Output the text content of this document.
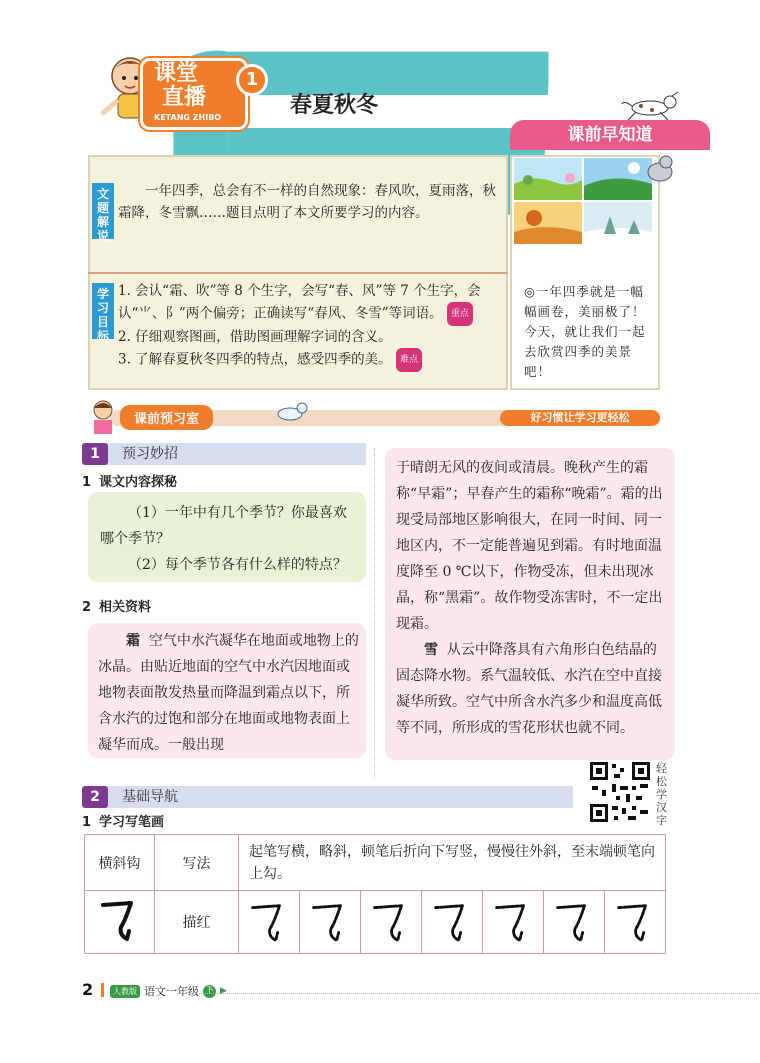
课堂
直播
KETANG ZHIBO
1
春夏秋冬
课前早知道
文题解说
一年四季，总会有不一样的自然现象：春风吹，夏雨落，秋霜降，冬雪飘……题目点明了本文所要学习的内容。
学习目标
1. 会认“霜、吹”等 8 个生字，会写“春、风”等 7 个生字，会认“⺌、阝”两个偏旁；正确读写“春风、冬雪”等词语。 重点
2. 仔细观察图画，借助图画理解字词的含义。
3. 了解春夏秋冬四季的特点，感受四季的美。 难点
◎一年四季就是一幅幅画卷，美丽极了！今天，就让我们一起去欣赏四季的美景吧！
课前预习室	好习惯让学习更轻松
预习妙招
1
1 课文内容探秘
（1）一年中有几个季节？你最喜欢哪个季节？
（2）每个季节各有什么样的特点？
2 相关资料
霜 空气中水汽凝华在地面或地物上的冰晶。由贴近地面的空气中水汽因地面或地物表面散发热量而降温到霜点以下，所含水汽的过饱和部分在地面或地物表面上凝华而成。一般出现
于晴朗无风的夜间或清晨。晚秋产生的霜称“早霜”；早春产生的霜称“晚霜”。霜的出现受局部地区影响很大，在同一时间、同一地区内，不一定能普遍见到霜。有时地面温度降至 0 ℃以下，作物受冻，但未出现冰晶，称“黑霜”。故作物受冻害时，不一定出现霜。
雪 从云中降落具有六角形白色结晶的固态降水物。系气温较低、水汽在空中直接凝华所致。空气中所含水汽多少和温度高低等不同，所形成的雪花形状也就不同。
轻松学汉字
基础导航
2
1 学习写笔画
横斜钩	写法	起笔写横，略斜，顿笔后折向下写竖，慢慢往外斜，至末端顿笔向上勾。
	描红	
2	人教版 语文一年级 下 ▶
